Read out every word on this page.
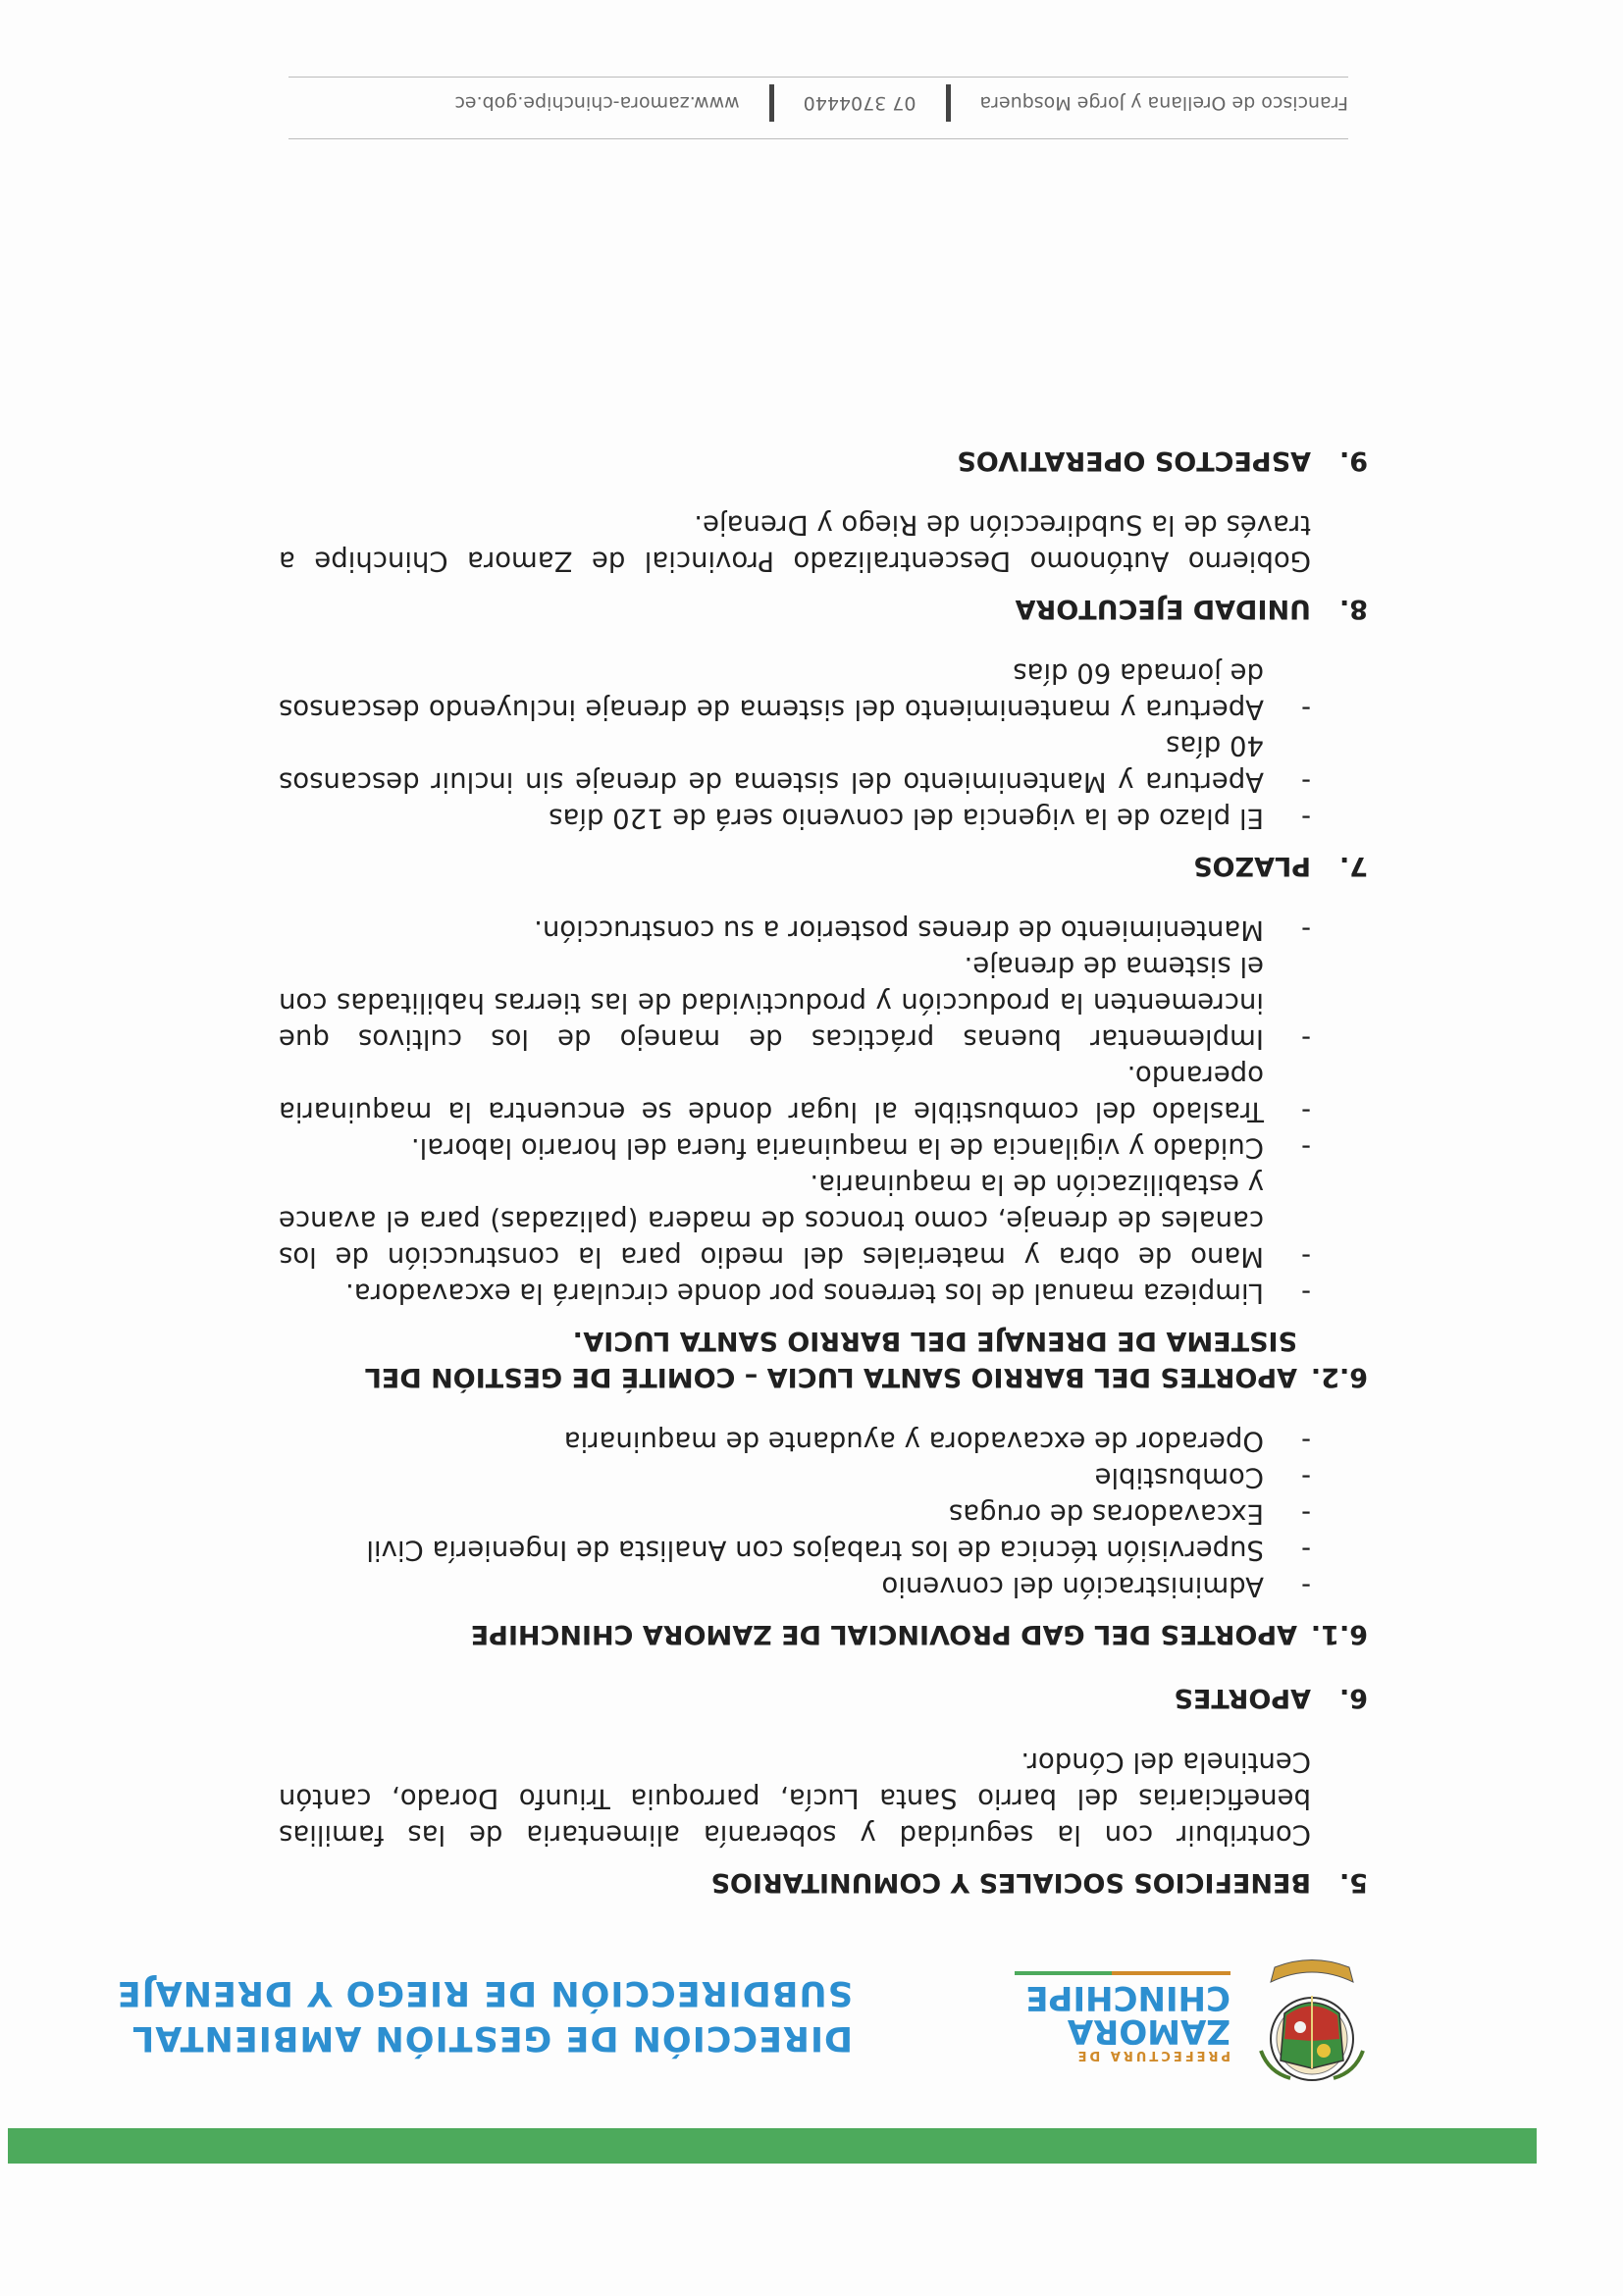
PREFECTURA DE
ZAMORA
CHINCHIPE
DIRECCIÓN DE GESTIÓN AMBIENTAL
SUBDIRECCIÓN DE RIEGO Y DRENAJE
5.
BENEFICIOS SOCIALES Y COMUNITARIOS
Contribuir con la seguridad y soberanía alimentaria de las familias beneficiarias del barrio Santa Lucía, parroquia Triunfo Dorado, cantón Centinela del Cóndor.
6.
APORTES
6.1.
APORTES DEL GAD PROVINCIAL DE ZAMORA CHINCHIPE
- Administración del convenio
- Supervisión técnica de los trabajos con Analista de Ingeniería Civil
- Excavadoras de orugas
- Combustible
- Operador de excavadora y ayudante de maquinaria
6.2.
APORTES DEL BARRIO SANTA LUCIA – COMITÉ DE GESTIÓN DEL SISTEMA DE DRENAJE DEL BARRIO SANTA LUCIA.
- Limpieza manual de los terrenos por donde circulará la excavadora.
- Mano de obra y materiales del medio para la construcción de los canales de drenaje, como troncos de madera (palizadas) para el avance y estabilización de la maquinaria.
- Cuidado y vigilancia de la maquinaria fuera del horario laboral.
- Traslado del combustible al lugar donde se encuentra la maquinaria operando.
- Implementar buenas prácticas de manejo de los cultivos que incrementen la producción y productividad de las tierras habilitadas con el sistema de drenaje.
- Mantenimiento de drenes posterior a su construcción.
7.
PLAZOS
- El plazo de la vigencia del convenio será de 120 días
- Apertura y Mantenimiento del sistema de drenaje sin incluir descansos 40 días
- Apertura y mantenimiento del sistema de drenaje incluyendo descansos de jornada 60 días
8.
UNIDAD EJECUTORA
Gobierno Autónomo Descentralizado Provincial de Zamora Chinchipe a través de la Subdirección de Riego y Drenaje.
9.
ASPECTOS OPERATIVOS
Francisco de Orellana y Jorge Mosquera
07 3704440
www.zamora-chinchipe.gob.ec
